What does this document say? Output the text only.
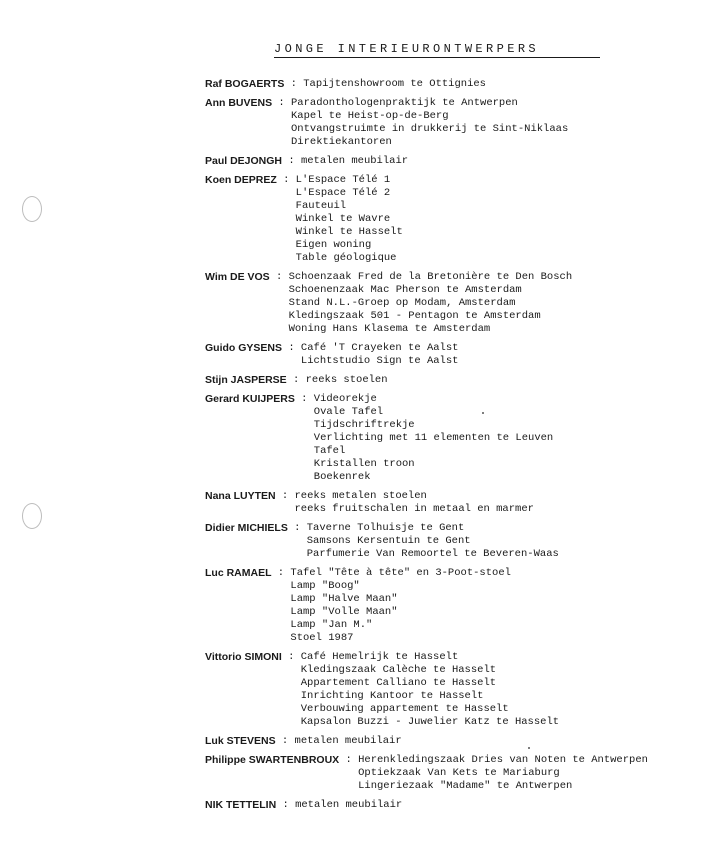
JONGE INTERIEURONTWERPERS
Raf BOGAERTS : Tapijtenshowroom te Ottignies
Ann BUVENS : Paradonthologenpraktijk te Antwerpen
Kapel te Heist-op-de-Berg
Ontvangstruimte in drukkerij te Sint-Niklaas
Direktiekantoren
Paul DEJONGH : metalen meubilair
Koen DEPREZ : L'Espace Télé 1
L'Espace Télé 2
Fauteuil
Winkel te Wavre
Winkel te Hasselt
Eigen woning
Table géologique
Wim DE VOS : Schoenzaak Fred de la Bretonière te Den Bosch
Schoenenzaak Mac Pherson te Amsterdam
Stand N.L.-Groep op Modam, Amsterdam
Kledingszaak 501 - Pentagon te Amsterdam
Woning Hans Klasema te Amsterdam
Guido GYSENS : Café 'T Crayeken te Aalst
Lichtstudio Sign te Aalst
Stijn JASPERSE : reeks stoelen
Gerard KUIJPERS : Videorekje
Ovale Tafel
Tijdschriftrekje
Verlichting met 11 elementen te Leuven
Tafel
Kristallen troon
Boekenrek
Nana LUYTEN : reeks metalen stoelen
reeks fruitschalen in metaal en marmer
Didier MICHIELS : Taverne Tolhuisje te Gent
Samsons Kersentuin te Gent
Parfumerie Van Remoortel te Beveren-Waas
Luc RAMAEL : Tafel "Tête à tête" en 3-Poot-stoel
Lamp "Boog"
Lamp "Halve Maan"
Lamp "Volle Maan"
Lamp "Jan M."
Stoel 1987
Vittorio SIMONI : Café Hemelrijk te Hasselt
Kledingszaak Calèche te Hasselt
Appartement Calliano te Hasselt
Inrichting Kantoor te Hasselt
Verbouwing appartement te Hasselt
Kapsalon Buzzi - Juwelier Katz te Hasselt
Luk STEVENS : metalen meubilair
Philippe SWARTENBROUX : Herenkledingszaak Dries van Noten te Antwerpen
Optiekzaak Van Kets te Mariaburg
Lingeriezaak "Madame" te Antwerpen
NIK TETTELIN : metalen meubilair
